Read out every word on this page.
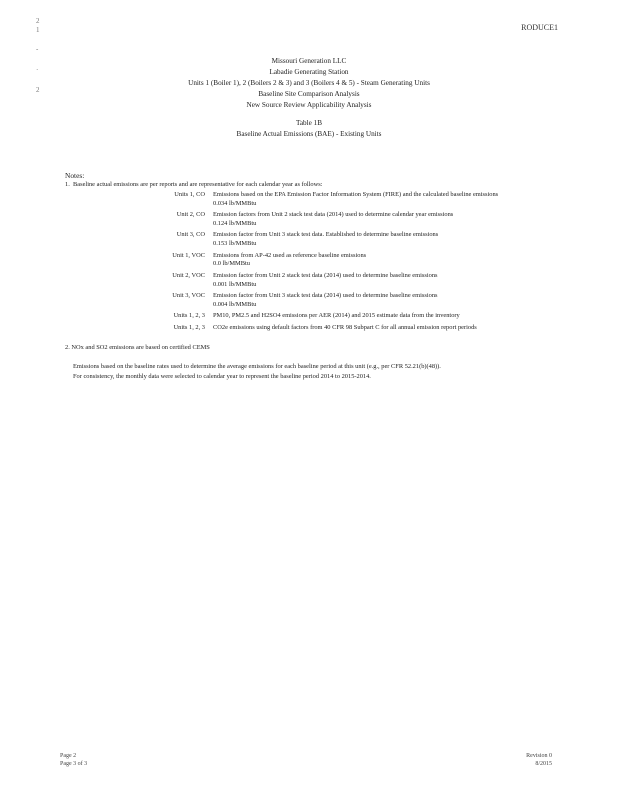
RODUCE1
2
1
-
·
2
Missouri Generation LLC
Labadie Generating Station
Units 1 (Boiler 1), 2 (Boilers 2 & 3) and 3 (Boilers 4 & 5) - Steam Generating Units
Baseline Site Comparison Analysis
New Source Review Applicability Analysis
Table 1B
Baseline Actual Emissions (BAE) - Existing Units
Notes:
1. Baseline actual emissions are per reports and are representative for each calendar year as follows:
Units 1, CO	Emissions based on the EPA Emission Factor Information System (FIRE) and the calculated baseline emissions
0.034 lb/MMBtu
Unit 2, CO	Emission factors from Unit 2 stack test data (2014) used to determine calendar year emissions
0.124 lb/MMBtu
Unit 3, CO	Emission factor from Unit 3 stack test data. Established to determine baseline emissions
0.153 lb/MMBtu
Unit 1, VOC	Emissions from AP-42 used as reference baseline emissions
0.0 lb/MMBtu
Unit 2, VOC	Emission factor from Unit 2 stack test data (2014) used to determine baseline emissions
0.001 lb/MMBtu
Unit 3, VOC	Emission factor from Unit 3 stack test data (2014) used to determine baseline emissions
0.004 lb/MMBtu
Units 1, 2, 3	PM10, PM2.5 and H2SO4 emissions per AER (2014) and 2015 estimate data from the inventory
Units 1, 2, 3	CO2e emissions using default factors from 40 CFR 98 Subpart C for all annual emission report periods
2. NOx and SO2 emissions are based on certified CEMS
Emissions based on the baseline rates used to determine the average emissions for each baseline period at this unit (e.g., per CFR 52.21(b)(48)).
For consistency, the monthly data were selected to calendar year to represent the baseline period 2014 to 2015-2014.
Page 2
Page 3 of 3
Revision 0
8/2015
